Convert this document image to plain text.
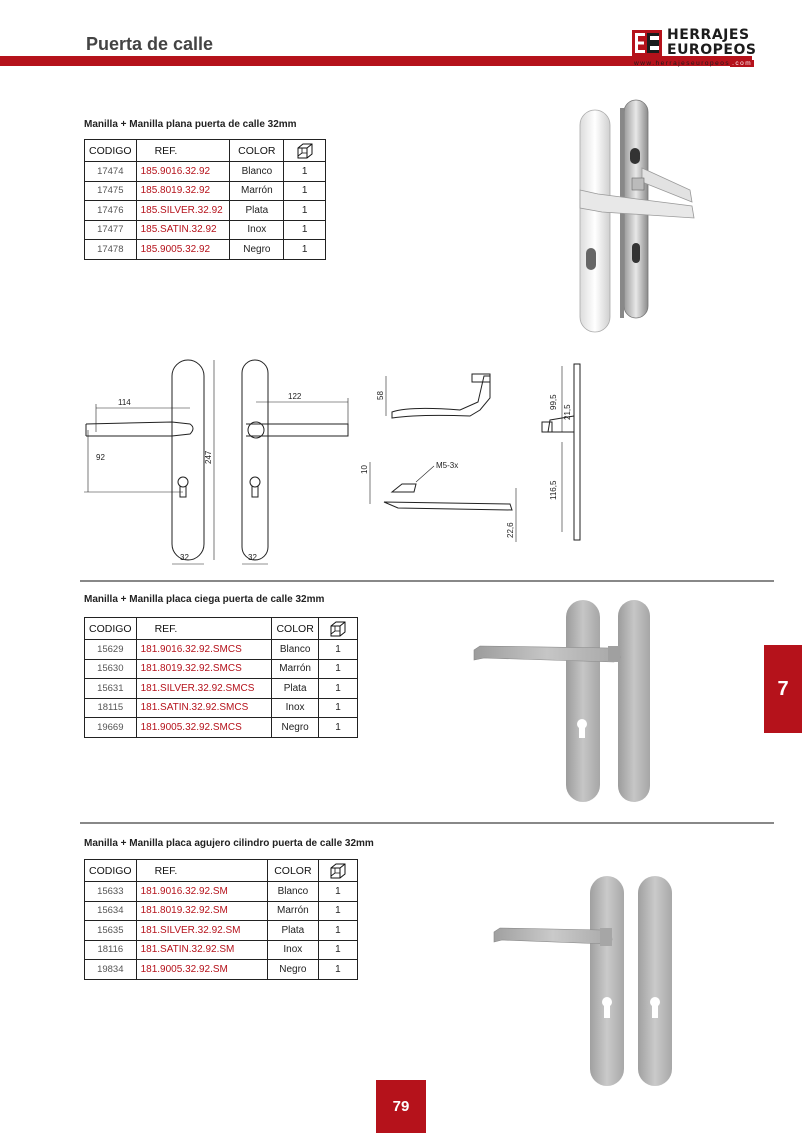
Puerta de calle	HERRAJES
EUROPEOS
www.herrajeseuropeos .com
Manilla + Manilla plana puerta de calle 32mm
CODIGO	REF.	COLOR	
17474	185.9016.32.92	Blanco	1
17475	185.8019.32.92	Marrón	1
17476	185.SILVER.32.92	Plata	1
17477	185.SATIN.32.92	Inox	1
17478	185.9005.32.92	Negro	1
114
92	247
32
122
32
58
10	M5-3x
22,6
99,5
21,5
116,5
Manilla + Manilla placa ciega puerta de calle 32mm
CODIGO	REF.	COLOR	
15629	181.9016.32.92.SMCS	Blanco	1
15630	181.8019.32.92.SMCS	Marrón	1
15631	181.SILVER.32.92.SMCS	Plata	1
18115	181.SATIN.32.92.SMCS	Inox	1
19669	181.9005.32.92.SMCS	Negro	1
7
Manilla + Manilla placa agujero cilindro puerta de calle 32mm
CODIGO	REF.	COLOR	
15633	181.9016.32.92.SM	Blanco	1
15634	181.8019.32.92.SM	Marrón	1
15635	181.SILVER.32.92.SM	Plata	1
18116	181.SATIN.32.92.SM	Inox	1
19834	181.9005.32.92.SM	Negro	1
79
